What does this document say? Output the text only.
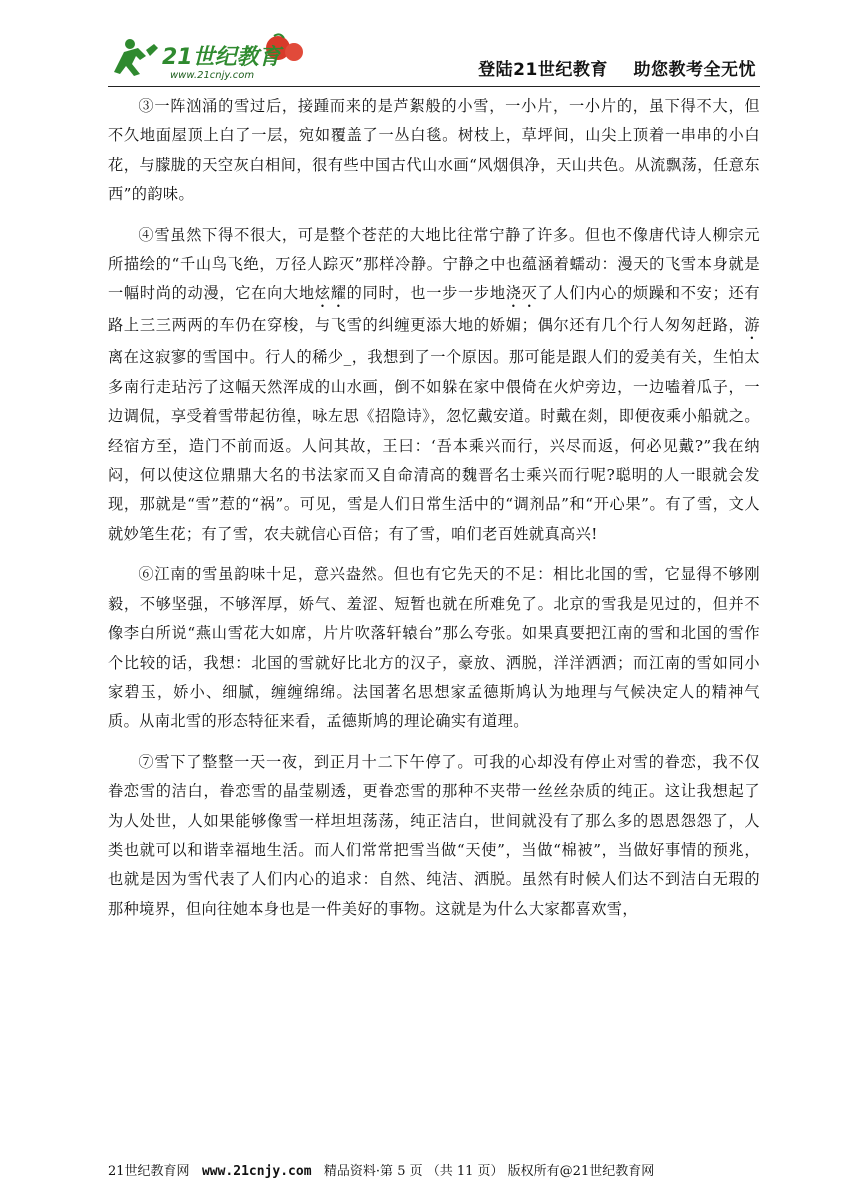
21世纪教育
www.21cnjy.com	登陆21世纪教育    助您教考全无忧

③一阵汹涌的雪过后，接踵而来的是芦絮般的小雪，一小片，一小片的，虽下得不大，但不久地面屋顶上白了一层，宛如覆盖了一丛白毯。树枝上，草坪间，山尖上顶着一串串的小白花，与朦胧的天空灰白相间，很有些中国古代山水画“风烟俱净，天山共色。从流飘荡，任意东西”的韵味。

④雪虽然下得不很大，可是整个苍茫的大地比往常宁静了许多。但也不像唐代诗人柳宗元所描绘的“千山鸟飞绝，万径人踪灭”那样冷静。宁静之中也蕴涵着蠕动：漫天的飞雪本身就是一幅时尚的动漫，它在向大地炫耀的同时，也一步一步地浇灭了人们内心的烦躁和不安；还有路上三三两两的车仍在穿梭，与飞雪的纠缠更添大地的娇媚；偶尔还有几个行人匆匆赶路，游离在这寂寥的雪国中。行人的稀少_，我想到了一个原因。那可能是跟人们的爱美有关，生怕太多南行走玷污了这幅天然浑成的山水画，倒不如躲在家中偎倚在火炉旁边，一边嗑着瓜子，一边调侃，享受着雪带起彷徨，咏左思《招隐诗》，忽忆戴安道。时戴在剡，即便夜乘小船就之。经宿方至，造门不前而返。人问其故，王曰：‘吾本乘兴而行，兴尽而返，何必见戴?”我在纳闷，何以使这位鼎鼎大名的书法家而又自命清高的魏晋名士乘兴而行呢?聪明的人一眼就会发现，那就是“雪”惹的“祸”。可见，雪是人们日常生活中的“调剂品”和“开心果”。有了雪，文人就妙笔生花；有了雪，农夫就信心百倍；有了雪，咱们老百姓就真高兴!

⑥江南的雪虽韵味十足，意兴盎然。但也有它先天的不足：相比北国的雪，它显得不够刚毅，不够坚强，不够浑厚，娇气、羞涩、短暂也就在所难免了。北京的雪我是见过的，但并不像李白所说“燕山雪花大如席，片片吹落轩辕台”那么夸张。如果真要把江南的雪和北国的雪作个比较的话，我想：北国的雪就好比北方的汉子，豪放、洒脱，洋洋洒洒；而江南的雪如同小家碧玉，娇小、细腻，缠缠绵绵。法国著名思想家孟德斯鸠认为地理与气候决定人的精神气质。从南北雪的形态特征来看，孟德斯鸠的理论确实有道理。

⑦雪下了整整一天一夜，到正月十二下午停了。可我的心却没有停止对雪的眷恋，我不仅眷恋雪的洁白，眷恋雪的晶莹剔透，更眷恋雪的那种不夹带一丝丝杂质的纯正。这让我想起了为人处世，人如果能够像雪一样坦坦荡荡，纯正洁白，世间就没有了那么多的恩恩怨怨了，人类也就可以和谐幸福地生活。而人们常常把雪当做“天使”，当做“棉被”，当做好事情的预兆，也就是因为雪代表了人们内心的追求：自然、纯洁、洒脱。虽然有时候人们达不到洁白无瑕的那种境界，但向往她本身也是一件美好的事物。这就是为什么大家都喜欢雪，

21世纪教育网   www.21cnjy.com   精品资料·第 5 页 （共 11 页） 版权所有@21世纪教育网
